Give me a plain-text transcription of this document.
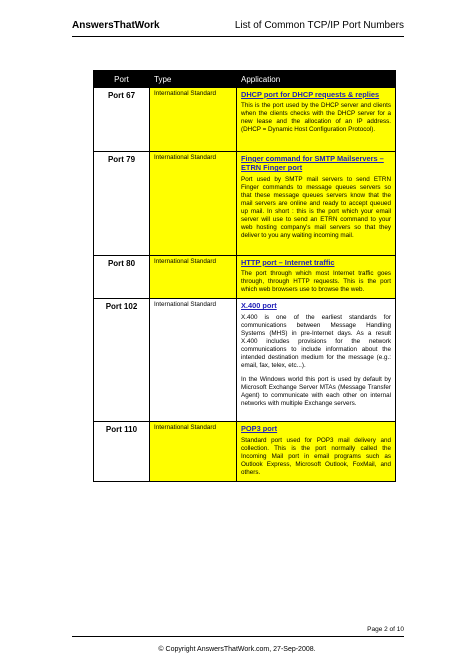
AnswersThatWork	List of Common TCP/IP Port Numbers
Port	Type	Application
Port 67	International Standard	DHCP port for DHCP requests & replies

This is the port used by the DHCP server and clients when the clients checks with the DHCP server for a new lease and the allocation of an IP address. (DHCP = Dynamic Host Configuration Protocol).

Port 79	International Standard	Finger command for SMTP Mailservers – ETRN Finger port

Port used by SMTP mail servers to send ETRN Finger commands to message queues servers so that these message queues servers know that the mail servers are online and ready to accept queued up mail. In short : this is the port which your email server will use to send an ETRN command to your web hosting company's mail servers so that they deliver to you any waiting incoming mail.

Port 80	International Standard	HTTP port – Internet traffic

The port through which most Internet traffic goes through, through HTTP requests. This is the port which web browsers use to browse the web.

Port 102	International Standard	X.400 port

X.400 is one of the earliest standards for communications between Message Handling Systems (MHS) in pre-Internet days. As a result X.400 includes provisions for the network communications to include information about the intended destination medium for the message (e.g.: email, fax, telex, etc...).

In the Windows world this port is used by default by Microsoft Exchange Server MTAs (Message Transfer Agent) to communicate with each other on internal networks with multiple Exchange servers.

Port 110	International Standard	POP3 port

Standard port used for POP3 mail delivery and collection. This is the port normally called the Incoming Mail port in email programs such as Outlook Express, Microsoft Outlook, FoxMail, and others.

Page 2 of 10
© Copyright AnswersThatWork.com, 27-Sep-2008.
